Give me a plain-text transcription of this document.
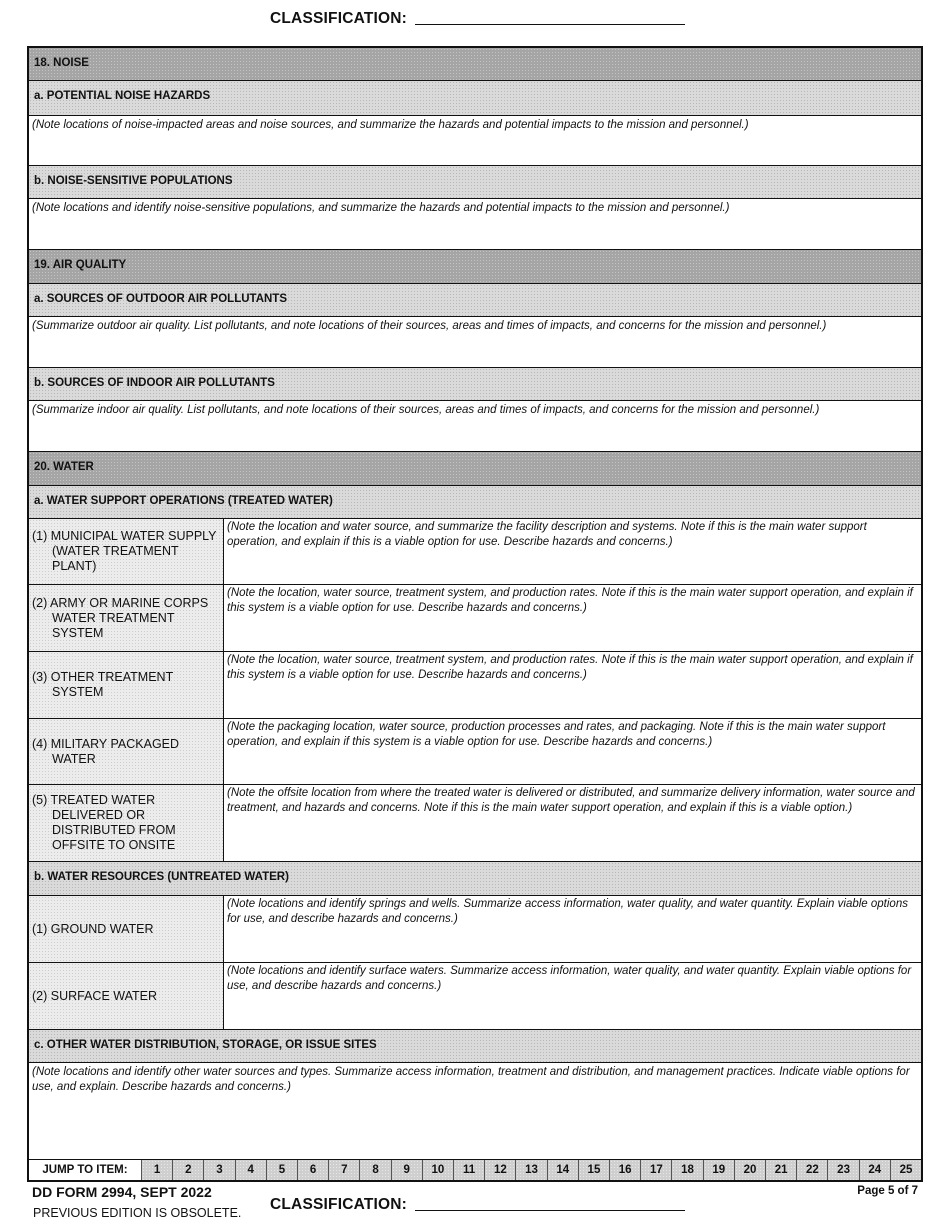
CLASSIFICATION:
18. NOISE
a. POTENTIAL NOISE HAZARDS
(Note locations of noise-impacted areas and noise sources, and summarize the hazards and potential impacts to the mission and personnel.)
b. NOISE-SENSITIVE POPULATIONS
(Note locations and identify noise-sensitive populations, and summarize the hazards and potential impacts to the mission and personnel.)
19. AIR QUALITY
a. SOURCES OF OUTDOOR AIR POLLUTANTS
(Summarize outdoor air quality. List pollutants, and note locations of their sources, areas and times of impacts, and concerns for the mission and personnel.)
b. SOURCES OF INDOOR AIR POLLUTANTS
(Summarize indoor air quality. List pollutants, and note locations of their sources, areas and times of impacts, and concerns for the mission and personnel.)
20. WATER
a. WATER SUPPORT OPERATIONS (TREATED WATER)
(1) MUNICIPAL WATER SUPPLY (WATER TREATMENT PLANT)
(Note the location and water source, and summarize the facility description and systems. Note if this is the main water support operation, and explain if this is a viable option for use. Describe hazards and concerns.)
(2) ARMY OR MARINE CORPS WATER TREATMENT SYSTEM
(Note the location, water source, treatment system, and production rates. Note if this is the main water support operation, and explain if this system is a viable option for use. Describe hazards and concerns.)
(3) OTHER TREATMENT SYSTEM
(Note the location, water source, treatment system, and production rates. Note if this is the main water support operation, and explain if this system is a viable option for use. Describe hazards and concerns.)
(4) MILITARY PACKAGED WATER
(Note the packaging location, water source, production processes and rates, and packaging. Note if this is the main water support operation, and explain if this system is a viable option for use. Describe hazards and concerns.)
(5) TREATED WATER DELIVERED OR DISTRIBUTED FROM OFFSITE TO ONSITE
(Note the offsite location from where the treated water is delivered or distributed, and summarize delivery information, water source and treatment, and hazards and concerns. Note if this is the main water support operation, and explain if this is a viable option.)
b. WATER RESOURCES (UNTREATED WATER)
(1) GROUND WATER
(Note locations and identify springs and wells. Summarize access information, water quality, and water quantity. Explain viable options for use, and describe hazards and concerns.)
(2) SURFACE WATER
(Note locations and identify surface waters. Summarize access information, water quality, and water quantity. Explain viable options for use, and describe hazards and concerns.)
c. OTHER WATER DISTRIBUTION, STORAGE, OR ISSUE SITES
(Note locations and identify other water sources and types. Summarize access information, treatment and distribution, and management practices. Indicate viable options for use, and explain. Describe hazards and concerns.)
JUMP TO ITEM:	1	2	3	4	5	6	7	8	9	10	11	12	13	14	15	16	17	18	19	20	21	22	23	24	25
DD FORM 2994, SEPT 2022
PREVIOUS EDITION IS OBSOLETE.
Page 5 of 7
CLASSIFICATION:
